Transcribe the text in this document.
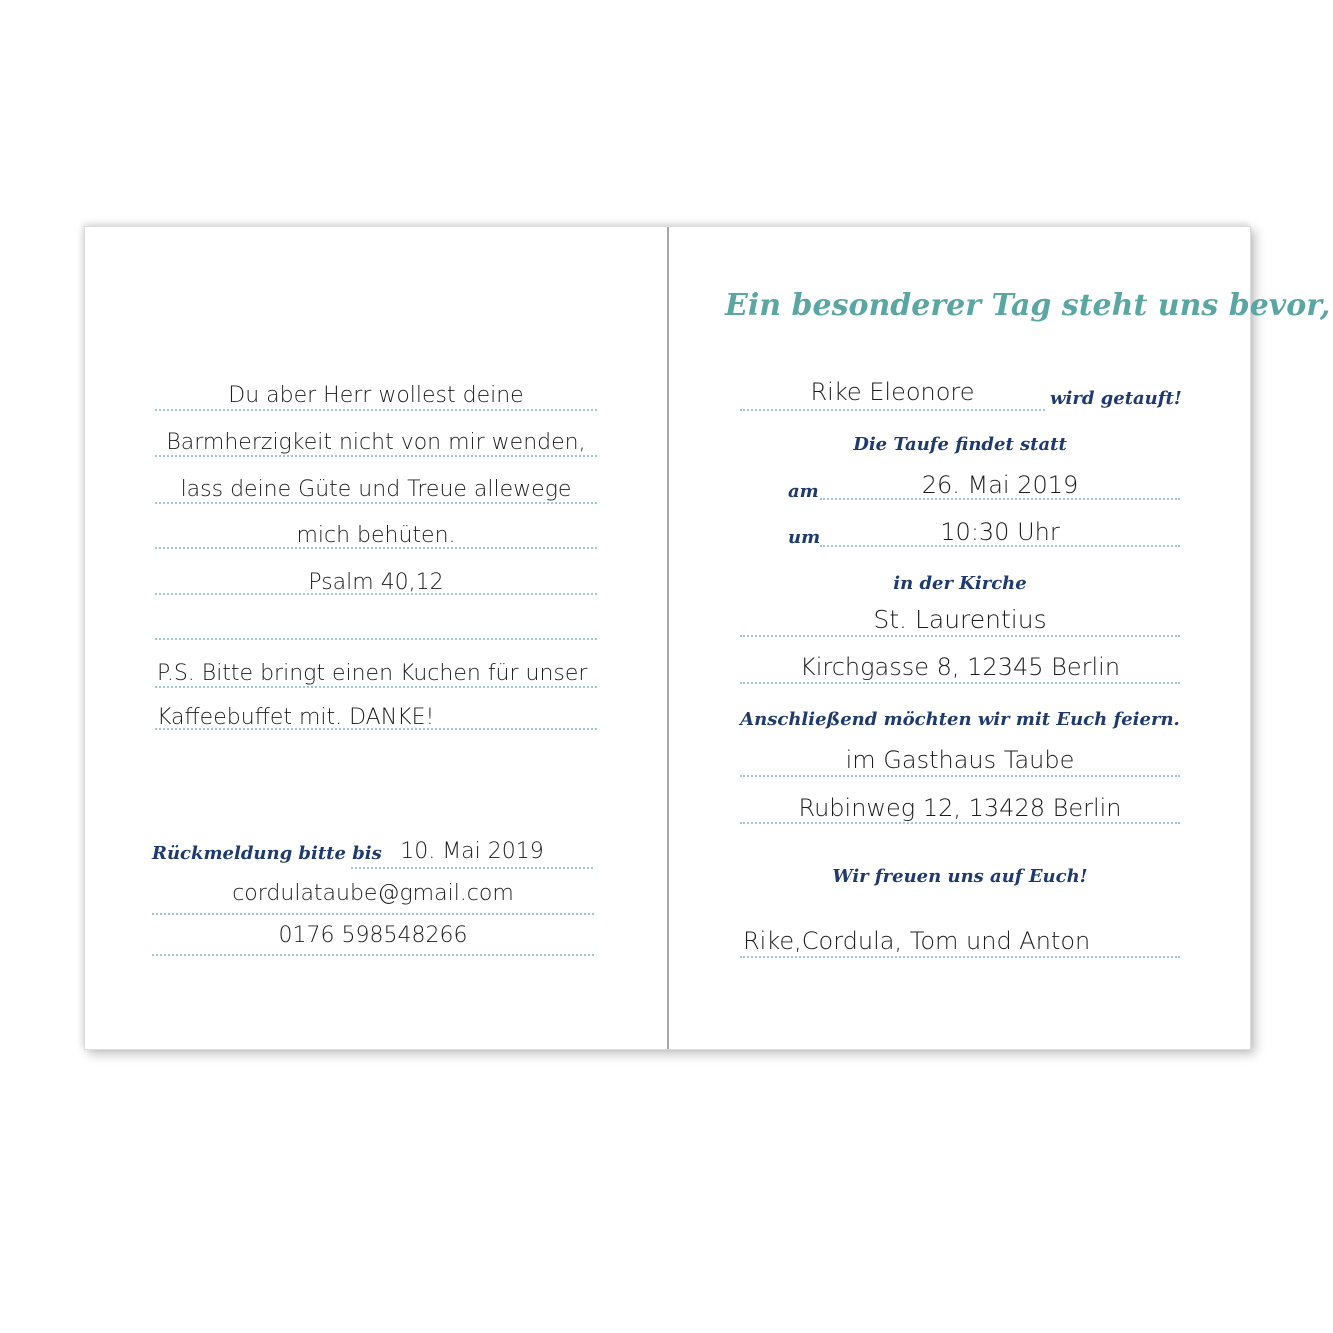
Du aber Herr wollest deine
Barmherzigkeit nicht von mir wenden,
lass deine Güte und Treue allewege
mich behüten.
Psalm 40,12
P.S. Bitte bringt einen Kuchen für unser
Kaffeebuffet mit. DANKE!
Rückmeldung bitte bis 10. Mai 2019
cordulataube@gmail.com
0176 598548266
Ein besonderer Tag steht uns bevor,
Rike Eleonore	wird getauft!
Die Taufe findet statt
am	26. Mai 2019
um	10:30 Uhr
in der Kirche
St. Laurentius
Kirchgasse 8, 12345 Berlin
Anschließend möchten wir mit Euch feiern.
im Gasthaus Taube
Rubinweg 12, 13428 Berlin
Wir freuen uns auf Euch!
Rike,Cordula, Tom und Anton
